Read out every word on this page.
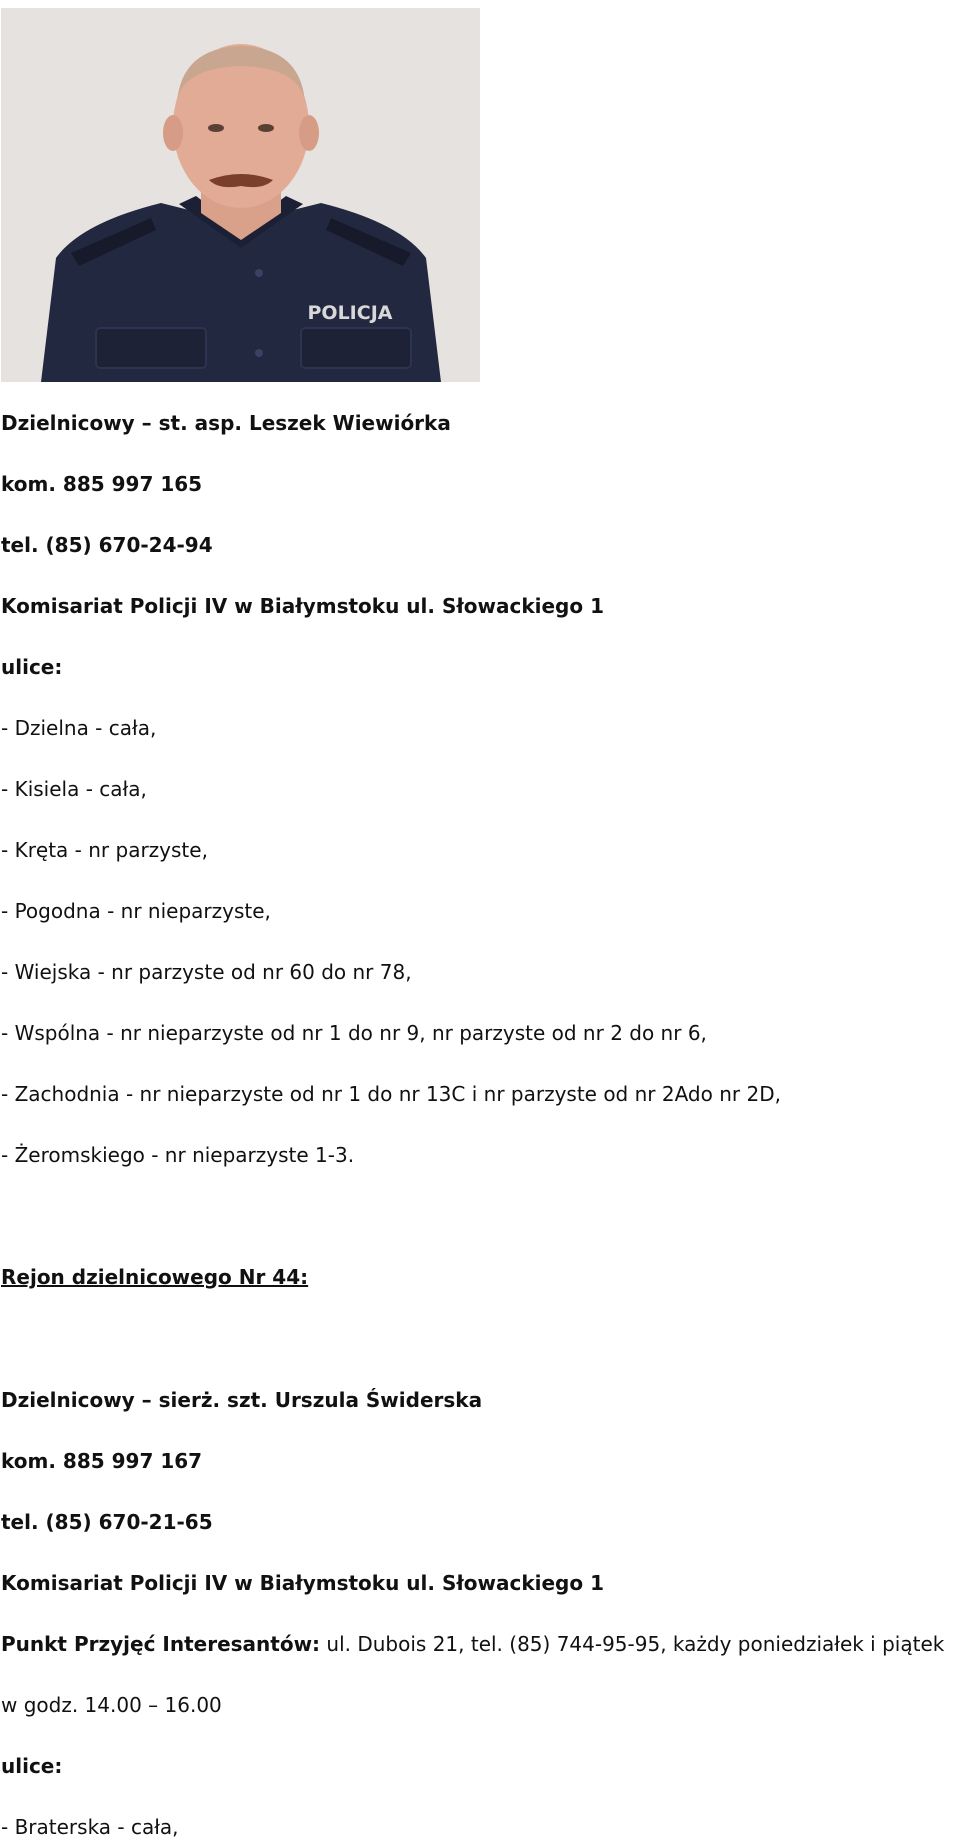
POLICJA
Dzielnicowy – st. asp. Leszek Wiewiórka
kom. 885 997 165
tel. (85) 670-24-94
Komisariat Policji IV w Białymstoku ul. Słowackiego 1
ulice:
- Dzielna - cała,
- Kisiela - cała,
- Kręta - nr parzyste,
- Pogodna - nr nieparzyste,
- Wiejska - nr parzyste od nr 60 do nr 78,
- Wspólna - nr nieparzyste od nr 1 do nr 9, nr parzyste od nr 2 do nr 6,
- Zachodnia - nr nieparzyste od nr 1 do nr 13C i nr parzyste od nr 2Ado nr 2D,
- Żeromskiego - nr nieparzyste 1-3.
Rejon dzielnicowego Nr 44:
Dzielnicowy – sierż. szt. Urszula Świderska
kom. 885 997 167
tel. (85) 670-21-65
Komisariat Policji IV w Białymstoku ul. Słowackiego 1
Punkt Przyjęć Interesantów: ul. Dubois 21, tel. (85) 744-95-95, każdy poniedziałek i piątek
w godz. 14.00 – 16.00
ulice:
- Braterska - cała,
